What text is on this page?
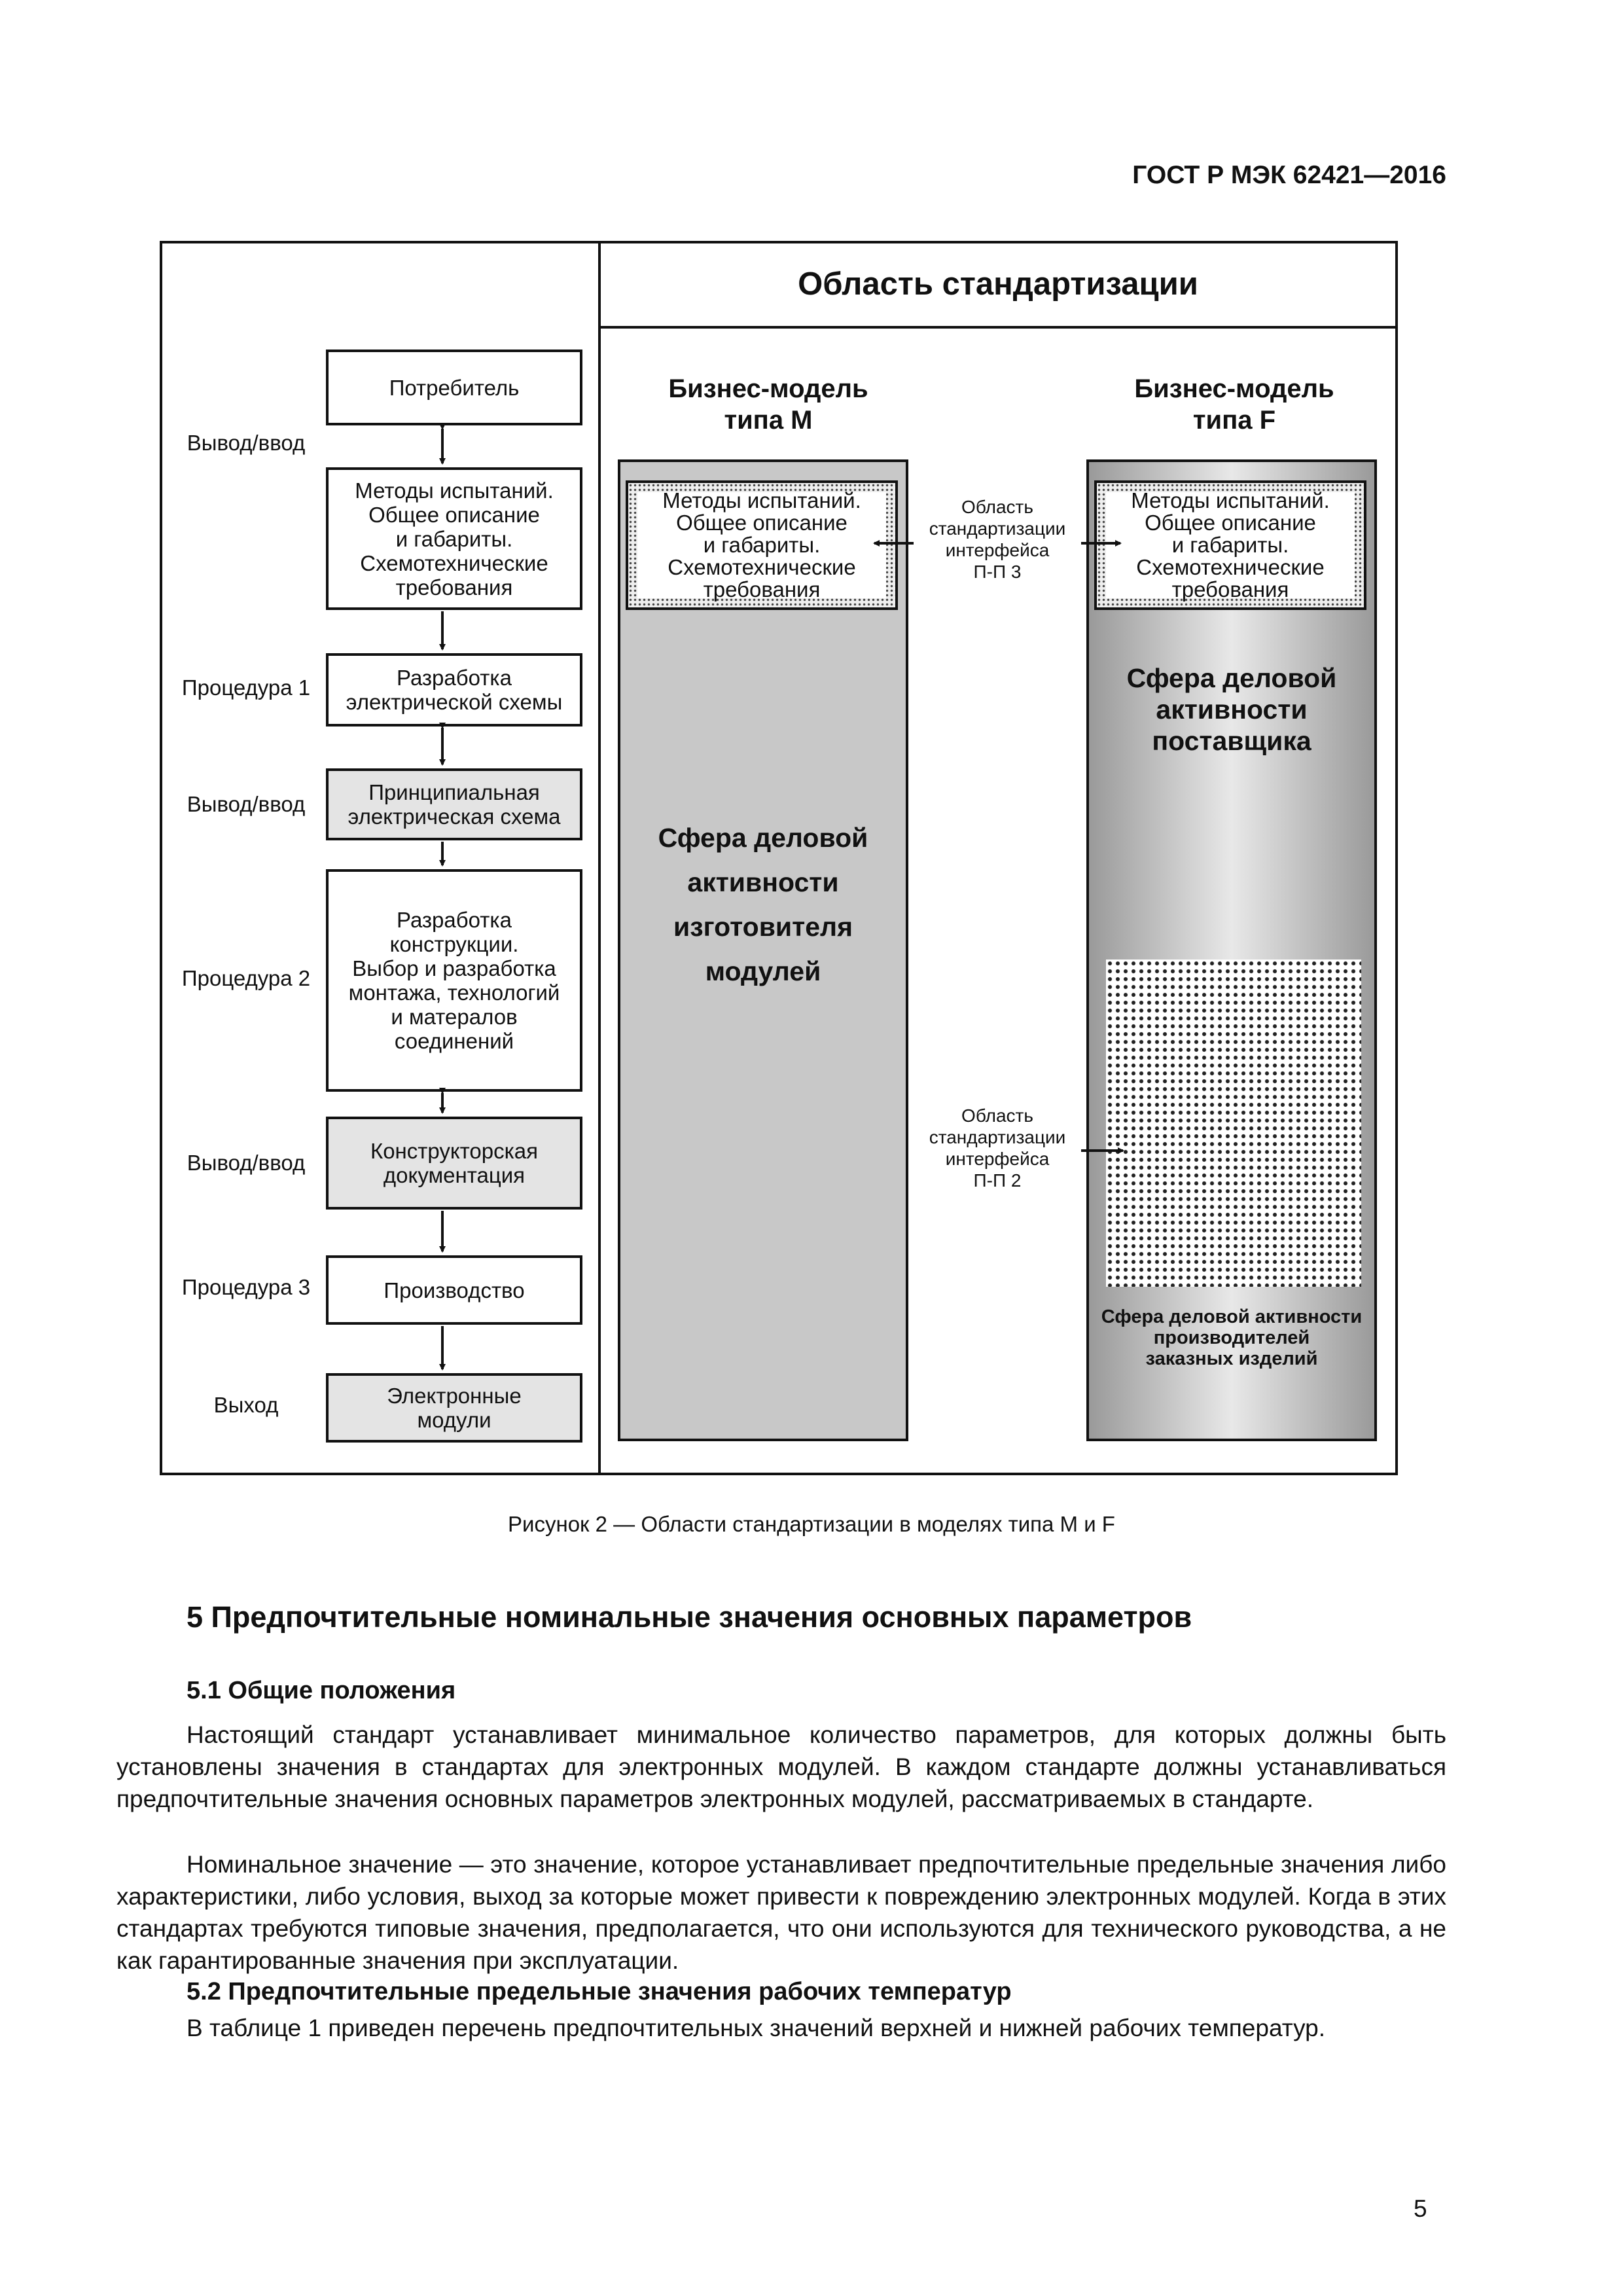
ГОСТ Р МЭК 62421—2016
Область стандартизации
Вывод/ввод
Процедура 1
Вывод/ввод
Процедура 2
Вывод/ввод
Процедура 3
Выход
Потребитель
Методы испытаний.
Общее описание
и габариты.
Схемотехнические
требования
Разработка
электрической схемы
Принципиальная
электрическая схема
Разработка
конструкции.
Выбор и разработка
монтажа, технологий
и матералов
соединений
Конструкторская
документация
Производство
Электронные
модули
Бизнес-модель
типа М
Методы испытаний.
Общее описание
и габариты.
Схемотехнические
требования
Сфера деловой
активности
изготовителя
модулей
Бизнес-модель
типа F
Методы испытаний.
Общее описание
и габариты.
Схемотехнические
требования
Сфера деловой
активности
поставщика
Сфера деловой активности
производителей
заказных изделий
Область
стандартизации
интерфейса
П-П 3
Область
стандартизации
интерфейса
П-П 2
Рисунок 2 — Области стандартизации в моделях типа М и F
5 Предпочтительные номинальные значения основных параметров
5.1 Общие положения
Настоящий стандарт устанавливает минимальное количество параметров, для которых должны быть установлены значения в стандартах для электронных модулей. В каждом стандарте должны устанавливаться предпочтительные значения основных параметров электронных модулей, рассматриваемых в стандарте.
Номинальное значение — это значение, которое устанавливает предпочтительные предельные значения либо характеристики, либо условия, выход за которые может привести к повреждению электронных модулей. Когда в этих стандартах требуются типовые значения, предполагается, что они используются для технического руководства, а не как гарантированные значения при эксплуатации.
5.2 Предпочтительные предельные значения рабочих температур
В таблице 1 приведен перечень предпочтительных значений верхней и нижней рабочих температур.
5
